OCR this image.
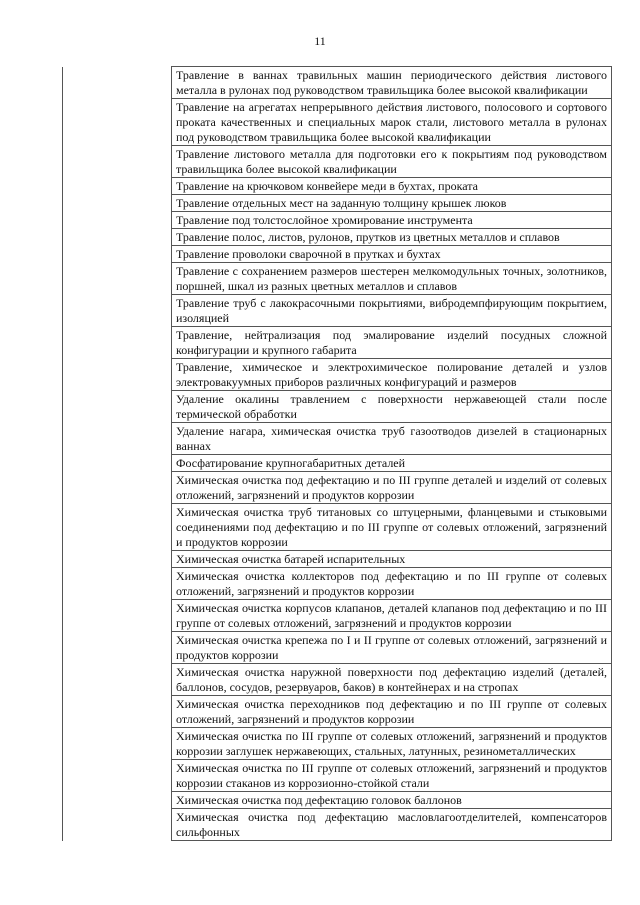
11

	Травление в ваннах травильных машин периодического действия листового металла в рулонах под руководством травильщика более высокой квалификации

	Травление на агрегатах непрерывного действия листового, полосового и сортового проката качественных и специальных марок стали, листового металла в рулонах под руководством травильщика более высокой квалификации

	Травление листового металла для подготовки его к покрытиям под руководством травильщика более высокой квалификации

	Травление на крючковом конвейере меди в бухтах, проката

	Травление отдельных мест на заданную толщину крышек люков

	Травление под толстослойное хромирование инструмента

	Травление полос, листов, рулонов, прутков из цветных металлов и сплавов

	Травление проволоки сварочной в прутках и бухтах

	Травление с сохранением размеров шестерен мелкомодульных точных, золотников, поршней, шкал из разных цветных металлов и сплавов

	Травление труб с лакокрасочными покрытиями, вибродемпфирующим покрытием, изоляцией

	Травление, нейтрализация под эмалирование изделий посудных сложной конфигурации и крупного габарита

	Травление, химическое и электрохимическое полирование деталей и узлов электровакуумных приборов различных конфигураций и размеров

	Удаление окалины травлением с поверхности нержавеющей стали после термической обработки

	Удаление нагара, химическая очистка труб газоотводов дизелей в стационарных ваннах

	Фосфатирование крупногабаритных деталей

	Химическая очистка под дефектацию и по III группе деталей и изделий от солевых отложений, загрязнений и продуктов коррозии

	Химическая очистка труб титановых со штуцерными, фланцевыми и стыковыми соединениями под дефектацию и по III группе от солевых отложений, загрязнений и продуктов коррозии

	Химическая очистка батарей испарительных

	Химическая очистка коллекторов под дефектацию и по III группе от солевых отложений, загрязнений и продуктов коррозии

	Химическая очистка корпусов клапанов, деталей клапанов под дефектацию и по III группе от солевых отложений, загрязнений и продуктов коррозии

	Химическая очистка крепежа по I и II группе от солевых отложений, загрязнений и продуктов коррозии

	Химическая очистка наружной поверхности под дефектацию изделий (деталей, баллонов, сосудов, резервуаров, баков) в контейнерах и на стропах

	Химическая очистка переходников под дефектацию и по III группе от солевых отложений, загрязнений и продуктов коррозии

	Химическая очистка по III группе от солевых отложений, загрязнений и продуктов коррозии заглушек нержавеющих, стальных, латунных, резинометаллических

	Химическая очистка по III группе от солевых отложений, загрязнений и продуктов коррозии стаканов из коррозионно-стойкой стали

	Химическая очистка под дефектацию головок баллонов

	Химическая очистка под дефектацию масловлагоотделителей, компенсаторов сильфонных
